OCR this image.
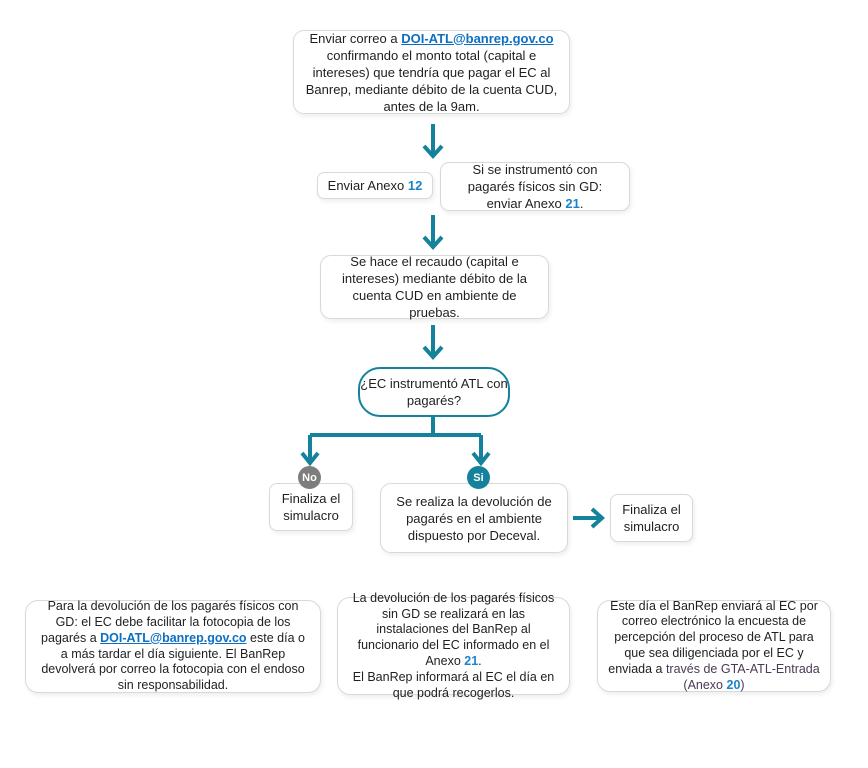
Enviar correo a DOI-ATL@banrep.gov.co confirmando el monto total (capital e intereses) que tendría que pagar el EC al Banrep, mediante débito de la cuenta CUD, antes de la 9am.
Enviar Anexo 12
Si se instrumentó con pagarés físicos sin GD: enviar Anexo 21.
Se hace el recaudo (capital e intereses) mediante débito de la cuenta CUD en ambiente de pruebas.
¿EC instrumentó ATL con pagarés?
No	Si
Finaliza el simulacro
Se realiza la devolución de pagarés en el ambiente dispuesto por Deceval.
Finaliza el simulacro
Para la devolución de los pagarés físicos con GD: el EC debe facilitar la fotocopia de los pagarés a DOI-ATL@banrep.gov.co este día o a más tardar el día siguiente. El BanRep devolverá por correo la fotocopia con el endoso sin responsabilidad.
La devolución de los pagarés físicos sin GD se realizará en las instalaciones del BanRep al funcionario del EC informado en el Anexo 21.
El BanRep informará al EC el día en que podrá recogerlos.
Este día el BanRep enviará al EC por correo electrónico la encuesta de percepción del proceso de ATL para que sea diligenciada por el EC y enviada a través de GTA-ATL-Entrada (Anexo 20)
